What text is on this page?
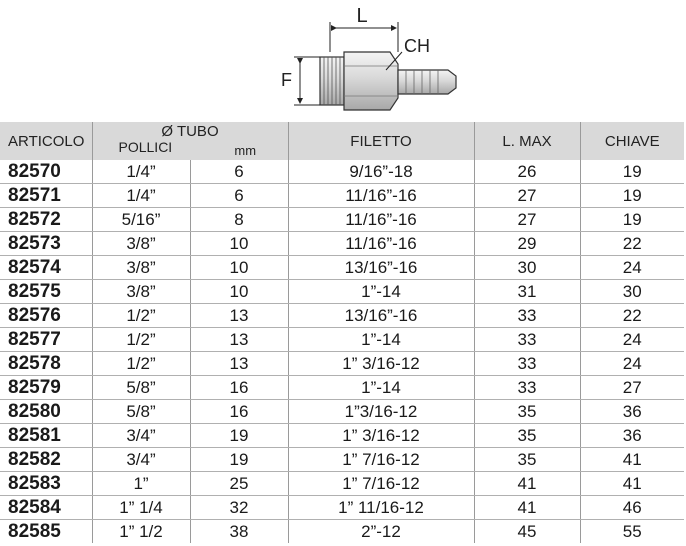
L
CH
F
ARTICOLO	Ø TUBO
POLLICI mm		FILETTO	L. MAX	CHIAVE
82570	1/4”	6	9/16”-18	26	19
82571	1/4”	6	11/16”-16	27	19
82572	5/16”	8	11/16”-16	27	19
82573	3/8”	10	11/16”-16	29	22
82574	3/8”	10	13/16”-16	30	24
82575	3/8”	10	1”-14	31	30
82576	1/2”	13	13/16”-16	33	22
82577	1/2”	13	1”-14	33	24
82578	1/2”	13	1” 3/16-12	33	24
82579	5/8”	16	1”-14	33	27
82580	5/8”	16	1”3/16-12	35	36
82581	3/4”	19	1” 3/16-12	35	36
82582	3/4”	19	1” 7/16-12	35	41
82583	1”	25	1” 7/16-12	41	41
82584	1” 1/4	32	1” 11/16-12	41	46
82585	1” 1/2	38	2”-12	45	55
